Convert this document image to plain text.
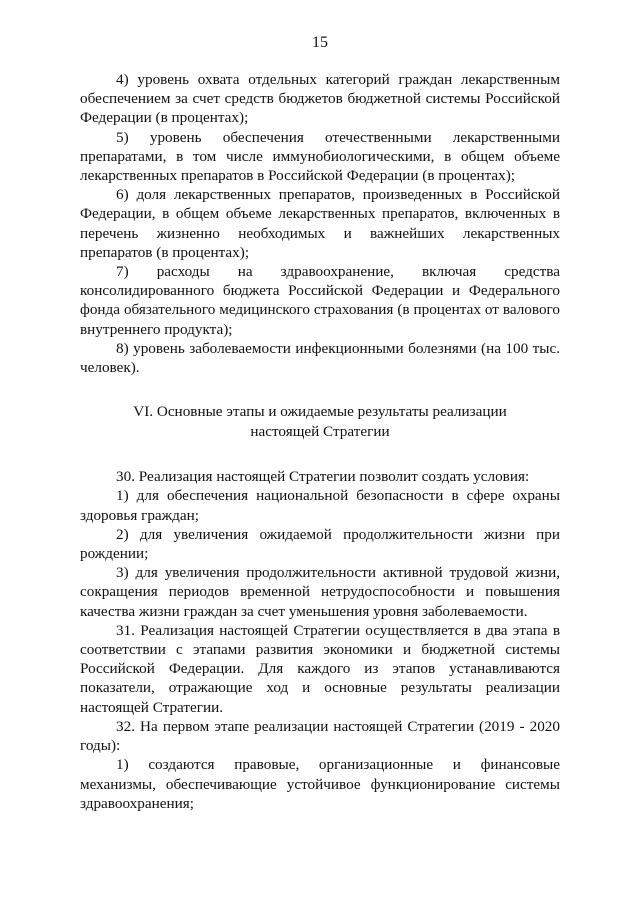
15

4) уровень охвата отдельных категорий граждан лекарственным обеспечением за счет средств бюджетов бюджетной системы Российской Федерации (в процентах);

5) уровень обеспечения отечественными лекарственными препаратами, в том числе иммунобиологическими, в общем объеме лекарственных препаратов в Российской Федерации (в процентах);

6) доля лекарственных препаратов, произведенных в Российской Федерации, в общем объеме лекарственных препаратов, включенных в перечень жизненно необходимых и важнейших лекарственных препаратов (в процентах);

7) расходы на здравоохранение, включая средства консолидированного бюджета Российской Федерации и Федерального фонда обязательного медицинского страхования (в процентах от валового внутреннего продукта);

8) уровень заболеваемости инфекционными болезнями (на 100 тыс. человек).

VI. Основные этапы и ожидаемые результаты реализации
настоящей Стратегии

30. Реализация настоящей Стратегии позволит создать условия:

1) для обеспечения национальной безопасности в сфере охраны здоровья граждан;

2) для увеличения ожидаемой продолжительности жизни при рождении;

3) для увеличения продолжительности активной трудовой жизни, сокращения периодов временной нетрудоспособности и повышения качества жизни граждан за счет уменьшения уровня заболеваемости.

31. Реализация настоящей Стратегии осуществляется в два этапа в соответствии с этапами развития экономики и бюджетной системы Российской Федерации. Для каждого из этапов устанавливаются показатели, отражающие ход и основные результаты реализации настоящей Стратегии.

32. На первом этапе реализации настоящей Стратегии (2019 - 2020 годы):

1) создаются правовые, организационные и финансовые механизмы, обеспечивающие устойчивое функционирование системы здравоохранения;
